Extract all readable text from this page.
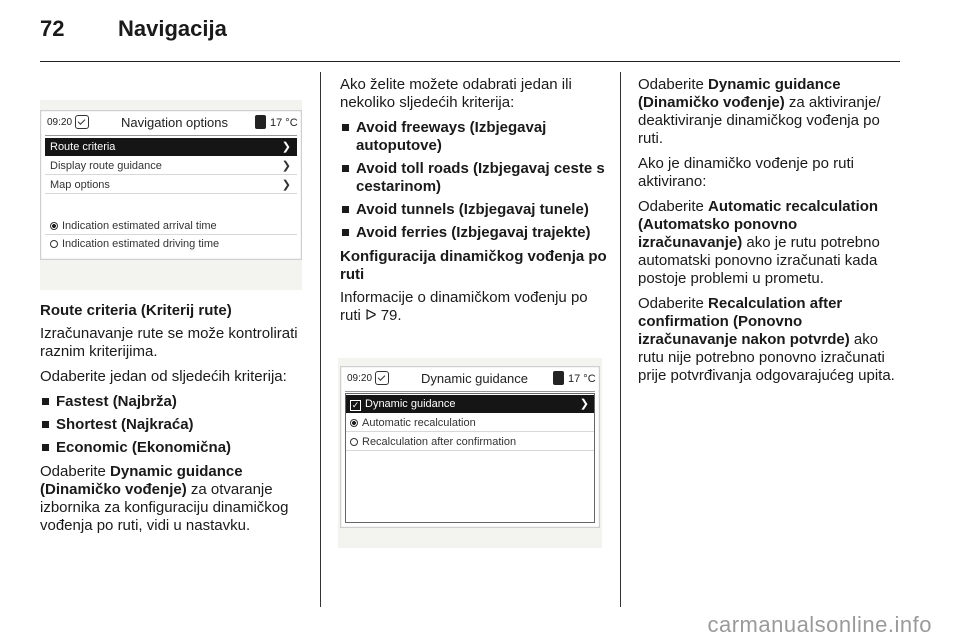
72 Navigacija
09:20	Navigation options	17 °C
Route criteria	❯
Display route guidance	❯
Map options	❯
Indication estimated arrival time
Indication estimated driving time

Route criteria (Kriterij rute)

Izračunavanje rute se može kontrolirati raznim kriterijima.

Odaberite jedan od sljedećih kriterija:

Fastest (Najbrža)
Shortest (Najkraća)
Economic (Ekonomična)

Odaberite Dynamic guidance (Dinamičko vođenje) za otvaranje izbornika za konfiguraciju dinamičkog vođenja po ruti, vidi u nastavku.

Ako želite možete odabrati jedan ili nekoliko sljedećih kriterija:

Avoid freeways (Izbjegavaj autoputove)
Avoid toll roads (Izbjegavaj ceste s cestarinom)
Avoid tunnels (Izbjegavaj tunele)
Avoid ferries (Izbjegavaj trajekte)

Konfiguracija dinamičkog vođenja po ruti

Informacije o dinamičkom vođenju po ruti ᐅ 79.

09:20	Dynamic guidance	17 °C
✓ Dynamic guidance	❯
Automatic recalculation
Recalculation after confirmation

Odaberite Dynamic guidance (Dinamičko vođenje) za aktiviranje/ deaktiviranje dinamičkog vođenja po ruti.

Ako je dinamičko vođenje po ruti aktivirano:

Odaberite Automatic recalculation (Automatsko ponovno izračunavanje) ako je rutu potrebno automatski ponovno izračunati kada postoje problemi u prometu.

Odaberite Recalculation after confirmation (Ponovno izračunavanje nakon potvrde) ako rutu nije potrebno ponovno izračunati prije potvrđivanja odgovarajućeg upita.

carmanualsonline.info
